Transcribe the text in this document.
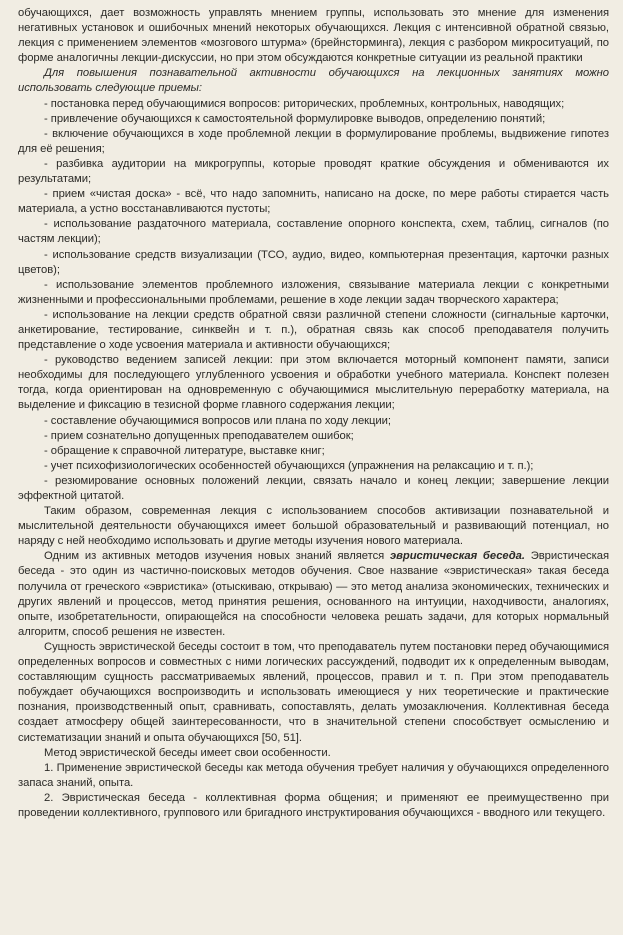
обучающихся, дает возможность управлять мнением группы, использовать это мнение для изменения негативных установок и ошибочных мнений некоторых обучающихся. Лекция с интенсивной обратной связью, лекция с применением элементов «мозгового штурма» (брейнсторминга), лекция с разбором микроситуаций, по форме аналогичны лекции-дискуссии, но при этом обсуждаются конкретные ситуации из реальной практики

Для повышения познавательной активности обучающихся на лекционных занятиях можно использовать следующие приемы:

- постановка перед обучающимися вопросов: риторических, проблемных, контрольных, наводящих;

- привлечение обучающихся к самостоятельной формулировке выводов, определению понятий;

- включение обучающихся в ходе проблемной лекции в формулирование проблемы, выдвижение гипотез для её решения;

- разбивка аудитории на микрогруппы, которые проводят краткие обсуждения и обмениваются их результатами;

- прием «чистая доска» - всё, что надо запомнить, написано на доске, по мере работы стирается часть материала, а устно восстанавливаются пустоты;

- использование раздаточного материала, составление опорного конспекта, схем, таблиц, сигналов (по частям лекции);

- использование средств визуализации (ТСО, аудио, видео, компьютерная презентация, карточки разных цветов);

- использование элементов проблемного изложения, связывание материала лекции с конкретными жизненными и профессиональными проблемами, решение в ходе лекции задач творческого характера;

- использование на лекции средств обратной связи различной степени сложности (сигнальные карточки, анкетирование, тестирование, синквейн и т. п.), обратная связь как способ преподавателя получить представление о ходе усвоения материала и активности обучающихся;

- руководство ведением записей лекции: при этом включается моторный компонент памяти, записи необходимы для последующего углубленного усвоения и обработки учебного материала. Конспект полезен тогда, когда ориентирован на одновременную с обучающимися мыслительную переработку материала, на выделение и фиксацию в тезисной форме главного содержания лекции;

- составление обучающимися вопросов или плана по ходу лекции;

- прием сознательно допущенных преподавателем ошибок;

- обращение к справочной литературе, выставке книг;

- учет психофизиологических особенностей обучающихся (упражнения на релаксацию и т. п.);

- резюмирование основных положений лекции, связать начало и конец лекции; завершение лекции эффектной цитатой.

Таким образом, современная лекция с использованием способов активизации познавательной и мыслительной деятельности обучающихся имеет большой образовательный и развивающий потенциал, но наряду с ней необходимо использовать и другие методы изучения нового материала.

Одним из активных методов изучения новых знаний является эвристическая беседа. Эвристическая беседа - это один из частично-поисковых методов обучения. Свое название «эвристическая» такая беседа получила от греческого «эвристика» (отыскиваю, открываю) — это метод анализа экономических, технических и других явлений и процессов, метод принятия решения, основанного на интуиции, находчивости, аналогиях, опыте, изобретательности, опирающейся на способности человека решать задачи, для которых нормальный алгоритм, способ решения не известен.

Сущность эвристической беседы состоит в том, что преподаватель путем постановки перед обучающимися определенных вопросов и совместных с ними логических рассуждений, подводит их к определенным выводам, составляющим сущность рассматриваемых явлений, процессов, правил и т. п. При этом преподаватель побуждает обучающихся воспроизводить и использовать имеющиеся у них теоретические и практические познания, производственный опыт, сравнивать, сопоставлять, делать умозаключения. Коллективная беседа создает атмосферу общей заинтересованности, что в значительной степени способствует осмыслению и систематизации знаний и опыта обучающихся [50, 51].

Метод эвристической беседы имеет свои особенности.

1. Применение эвристической беседы как метода обучения требует наличия у обучающихся определенного запаса знаний, опыта.

2. Эвристическая беседа - коллективная форма общения; и применяют ее преимущественно при проведении коллективного, группового или бригадного инструктирования обучающихся - вводного или текущего.
